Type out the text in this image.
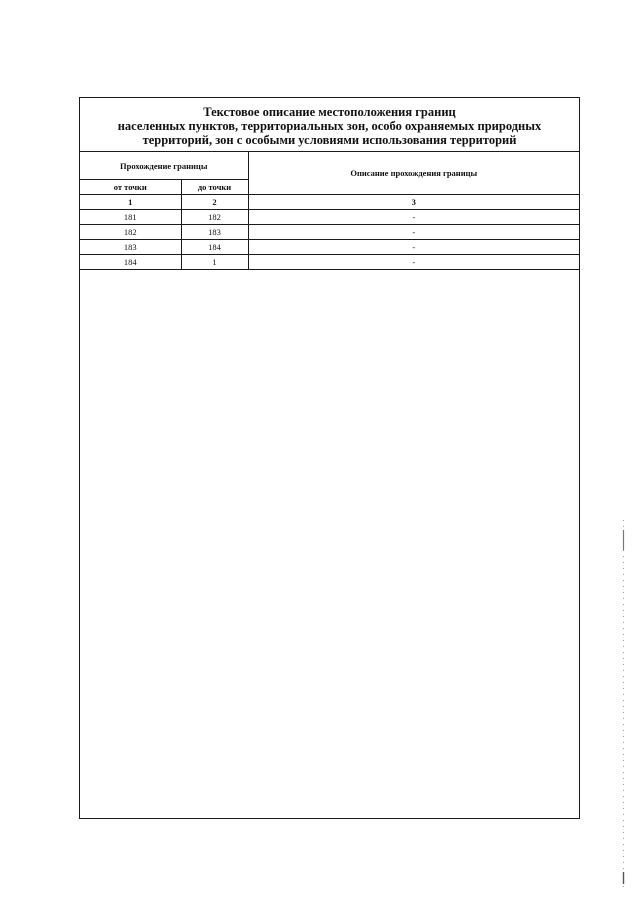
Текстовое описание местоположения границ
населенных пунктов, территориальных зон, особо охраняемых природных
территорий, зон с особыми условиями использования территорий
Прохождение границы		Описание прохождения границы
от точки	до точки	
1	2	3
181	182	-
182	183	-
183	184	-
184	1	-
